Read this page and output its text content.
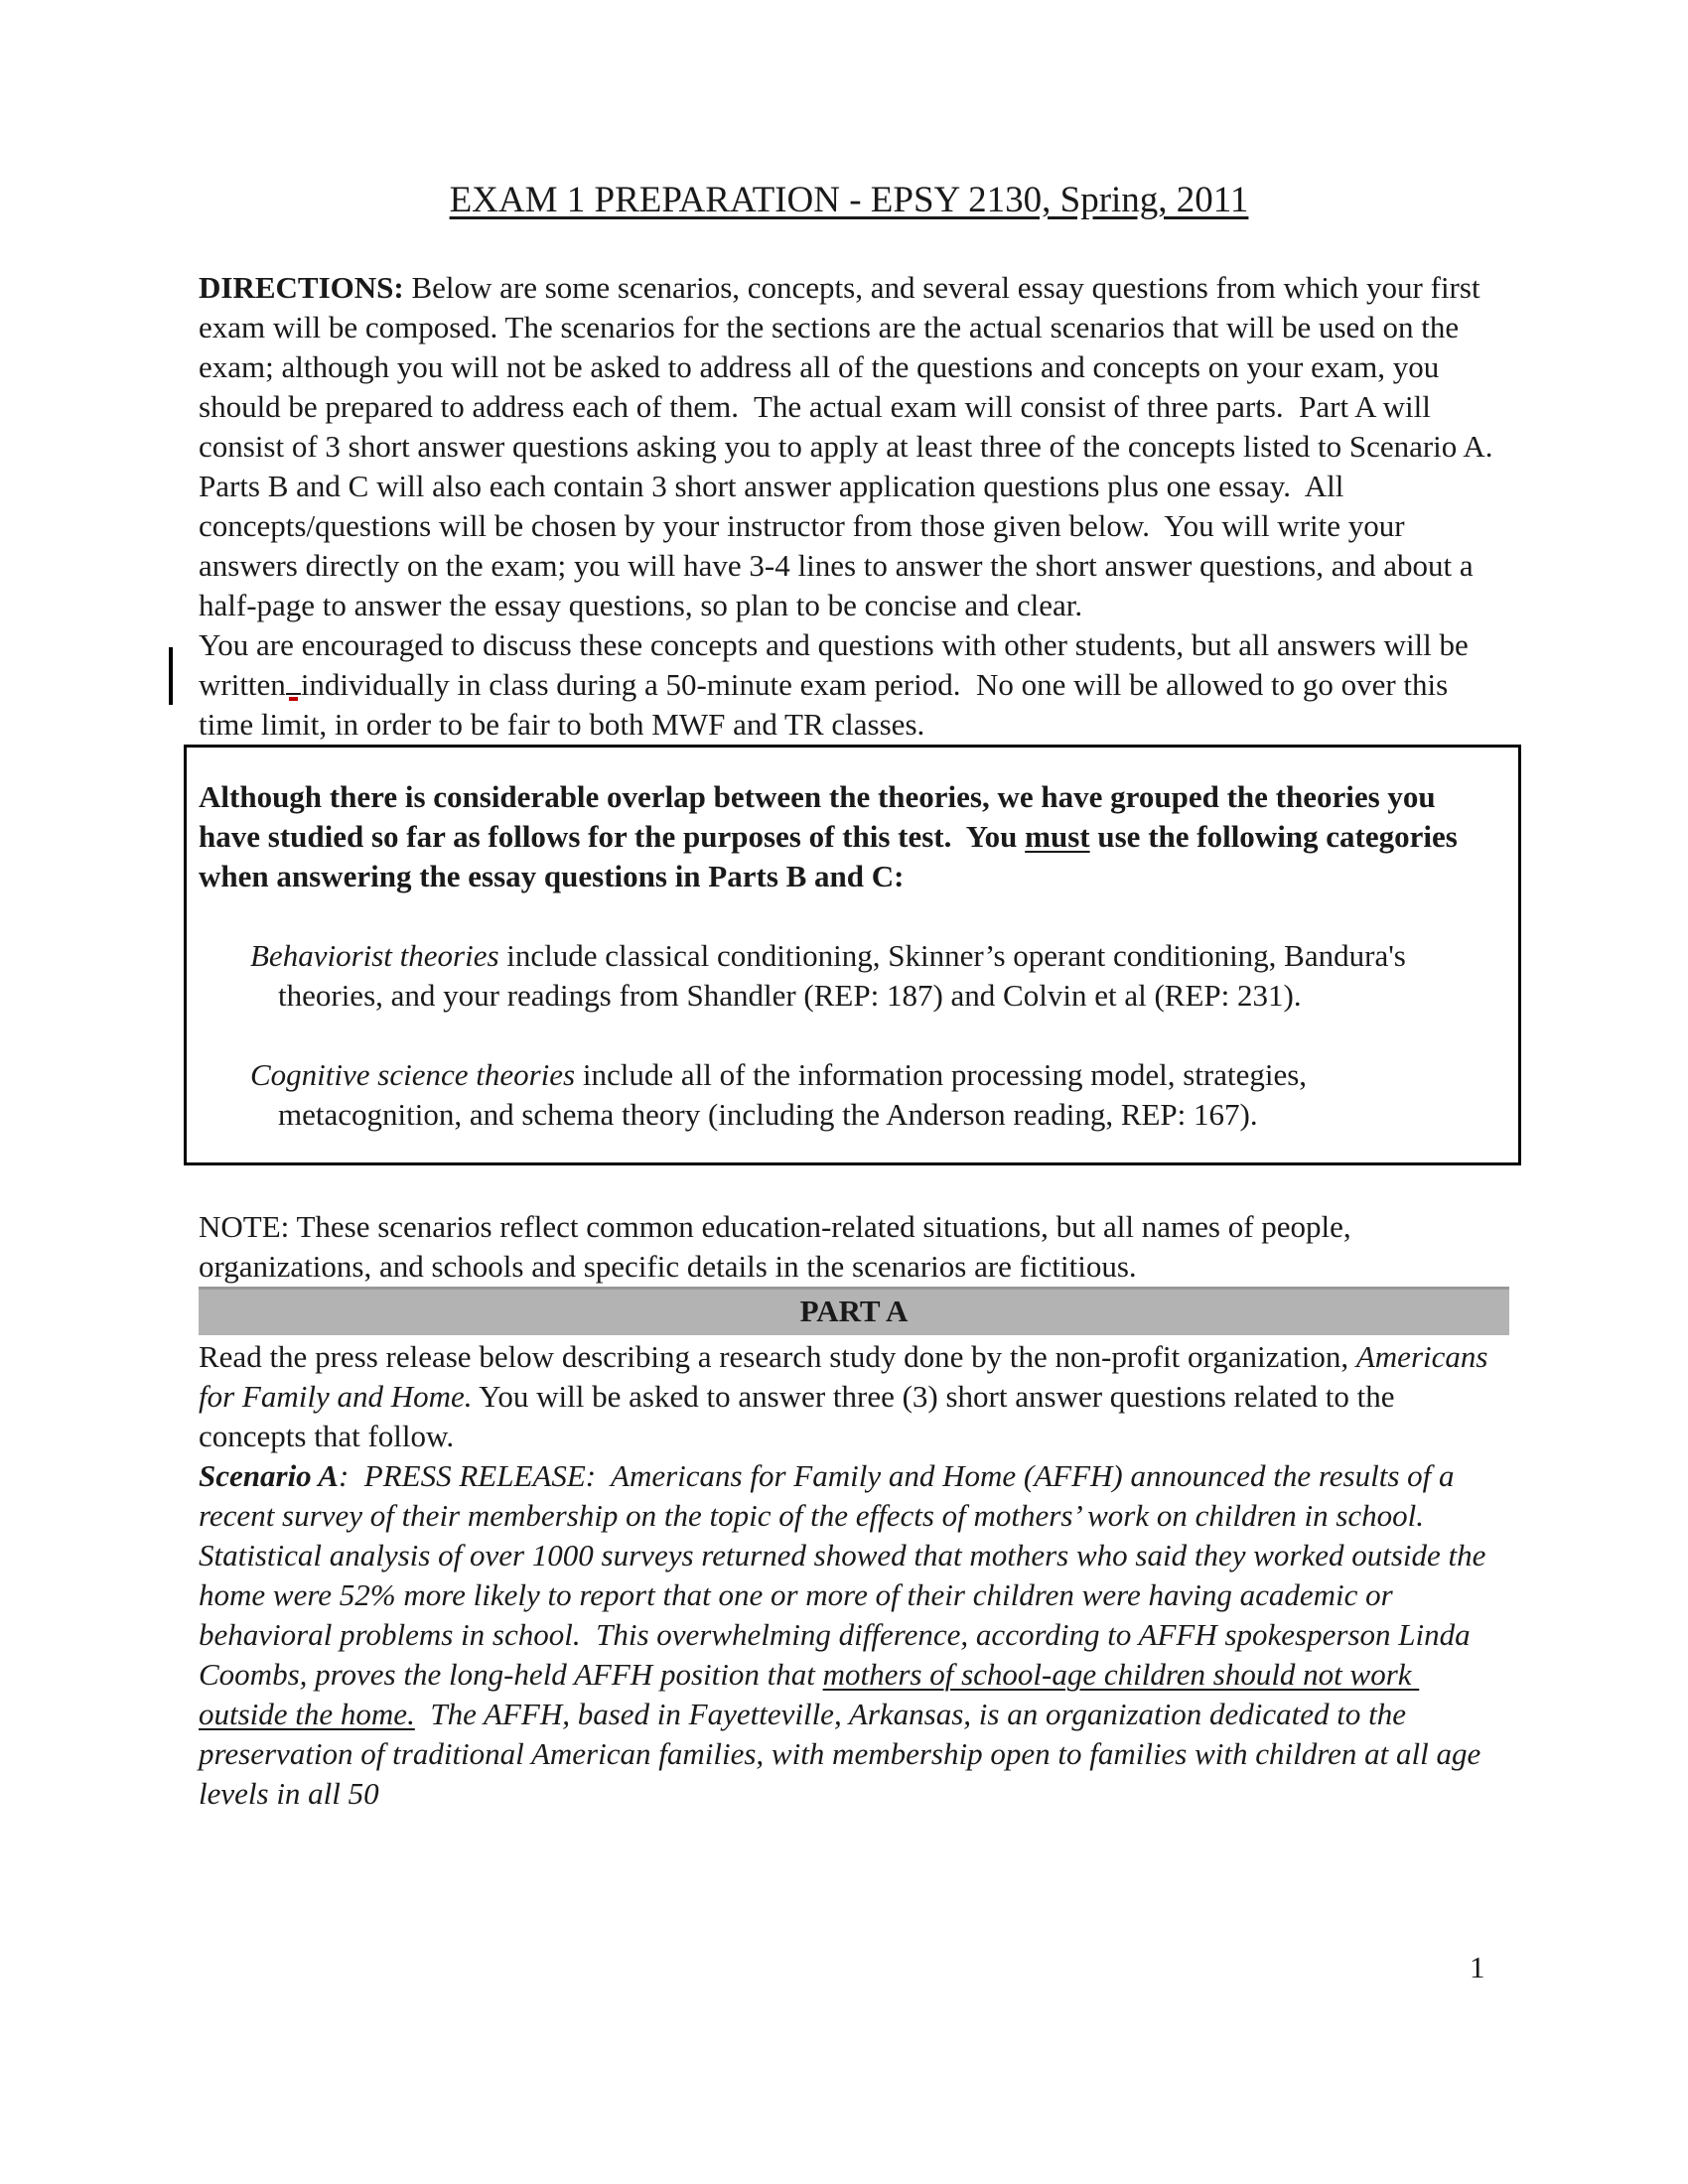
EXAM 1 PREPARATION - EPSY 2130, Spring, 2011

DIRECTIONS: Below are some scenarios, concepts, and several essay questions from which your first exam will be composed. The scenarios for the sections are the actual scenarios that will be used on the exam; although you will not be asked to address all of the questions and concepts on your exam, you should be prepared to address each of them.  The actual exam will consist of three parts.  Part A will consist of 3 short answer questions asking you to apply at least three of the concepts listed to Scenario A.  Parts B and C will also each contain 3 short answer application questions plus one essay.  All concepts/questions will be chosen by your instructor from those given below.  You will write your answers directly on the exam; you will have 3-4 lines to answer the short answer questions, and about a half-page to answer the essay questions, so plan to be concise and clear.

You are encouraged to discuss these concepts and questions with other students, but all answers will be written individually in class during a 50-minute exam period.  No one will be allowed to go over this time limit, in order to be fair to both MWF and TR classes.

Although there is considerable overlap between the theories, we have grouped the theories you have studied so far as follows for the purposes of this test.  You must use the following categories when answering the essay questions in Parts B and C:

Behaviorist theories include classical conditioning, Skinner’s operant conditioning, Bandura's theories, and your readings from Shandler (REP: 187) and Colvin et al (REP: 231).

Cognitive science theories include all of the information processing model, strategies, metacognition, and schema theory (including the Anderson reading, REP: 167).

NOTE: These scenarios reflect common education-related situations, but all names of people, organizations, and schools and specific details in the scenarios are fictitious.

PART A

Read the press release below describing a research study done by the non-profit organization, Americans for Family and Home. You will be asked to answer three (3) short answer questions related to the concepts that follow.

Scenario A:  PRESS RELEASE:  Americans for Family and Home (AFFH) announced the results of a recent survey of their membership on the topic of the effects of mothers’ work on children in school.  Statistical analysis of over 1000 surveys returned showed that mothers who said they worked outside the home were 52% more likely to report that one or more of their children were having academic or behavioral problems in school.  This overwhelming difference, according to AFFH spokesperson Linda Coombs, proves the long-held AFFH position that mothers of school-age children should not work outside the home.  The AFFH, based in Fayetteville, Arkansas, is an organization dedicated to the preservation of traditional American families, with membership open to families with children at all age levels in all 50

1
